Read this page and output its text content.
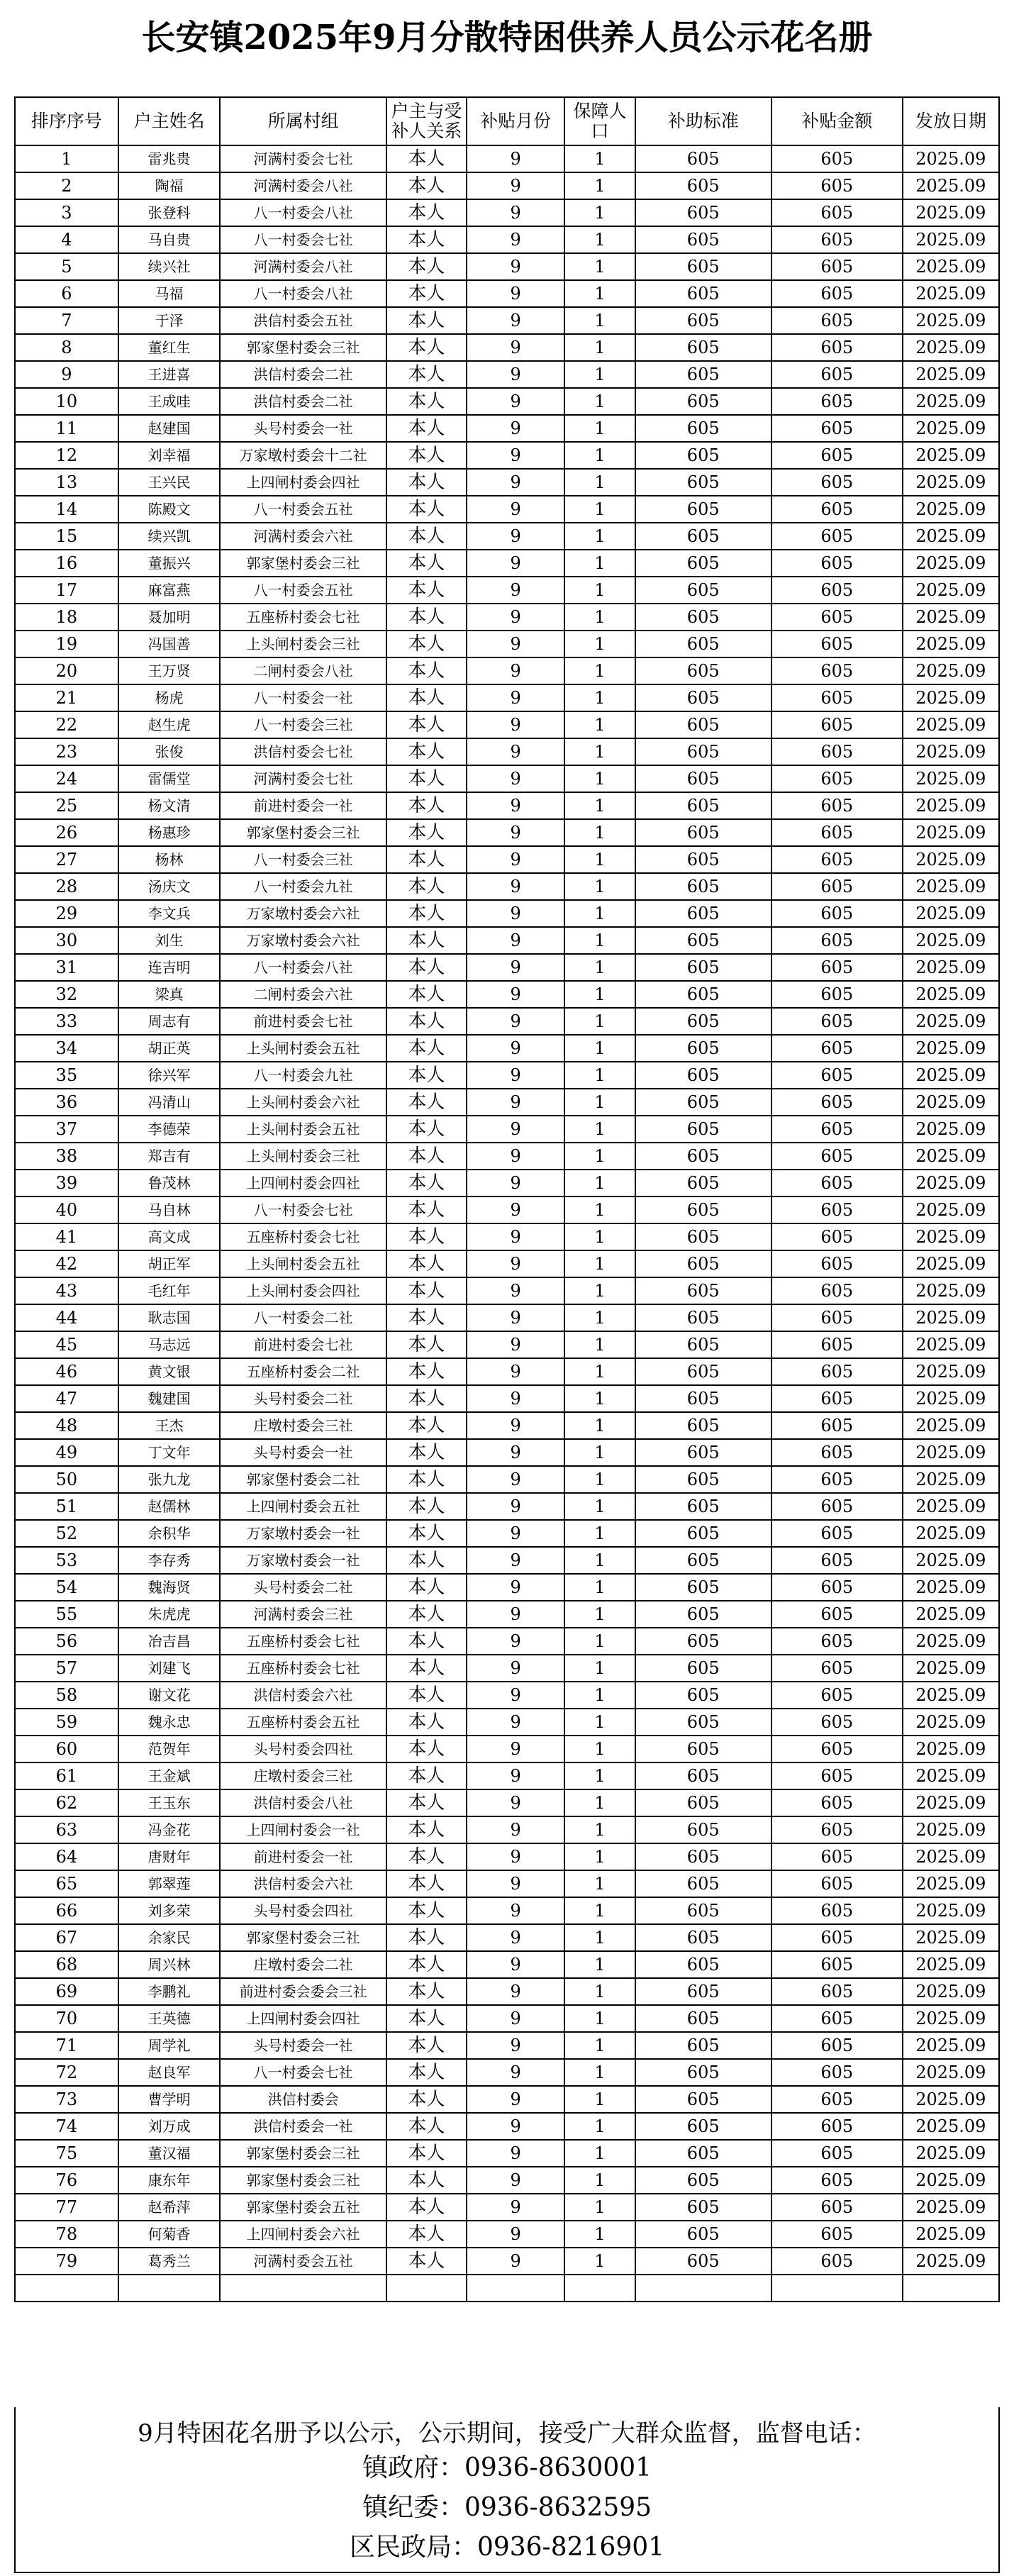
长安镇2025年9月分散特困供养人员公示花名册
排序序号	户主姓名	所属村组	户主与受补人关系	补贴月份	保障人口	补助标准	补贴金额	发放日期
1	雷兆贵	河满村委会七社	本人	9	1	605	605	2025.09
2	陶福	河满村委会八社	本人	9	1	605	605	2025.09
3	张登科	八一村委会八社	本人	9	1	605	605	2025.09
4	马自贵	八一村委会七社	本人	9	1	605	605	2025.09
5	续兴社	河满村委会八社	本人	9	1	605	605	2025.09
6	马福	八一村委会八社	本人	9	1	605	605	2025.09
7	于泽	洪信村委会五社	本人	9	1	605	605	2025.09
8	董红生	郭家堡村委会三社	本人	9	1	605	605	2025.09
9	王进喜	洪信村委会二社	本人	9	1	605	605	2025.09
10	王成哇	洪信村委会二社	本人	9	1	605	605	2025.09
11	赵建国	头号村委会一社	本人	9	1	605	605	2025.09
12	刘幸福	万家墩村委会十二社	本人	9	1	605	605	2025.09
13	王兴民	上四闸村委会四社	本人	9	1	605	605	2025.09
14	陈殿文	八一村委会五社	本人	9	1	605	605	2025.09
15	续兴凯	河满村委会六社	本人	9	1	605	605	2025.09
16	董振兴	郭家堡村委会三社	本人	9	1	605	605	2025.09
17	麻富燕	八一村委会五社	本人	9	1	605	605	2025.09
18	聂加明	五座桥村委会七社	本人	9	1	605	605	2025.09
19	冯国善	上头闸村委会三社	本人	9	1	605	605	2025.09
20	王万贤	二闸村委会八社	本人	9	1	605	605	2025.09
21	杨虎	八一村委会一社	本人	9	1	605	605	2025.09
22	赵生虎	八一村委会三社	本人	9	1	605	605	2025.09
23	张俊	洪信村委会七社	本人	9	1	605	605	2025.09
24	雷儒堂	河满村委会七社	本人	9	1	605	605	2025.09
25	杨文清	前进村委会一社	本人	9	1	605	605	2025.09
26	杨惠珍	郭家堡村委会三社	本人	9	1	605	605	2025.09
27	杨林	八一村委会三社	本人	9	1	605	605	2025.09
28	汤庆文	八一村委会九社	本人	9	1	605	605	2025.09
29	李文兵	万家墩村委会六社	本人	9	1	605	605	2025.09
30	刘生	万家墩村委会六社	本人	9	1	605	605	2025.09
31	连吉明	八一村委会八社	本人	9	1	605	605	2025.09
32	梁真	二闸村委会六社	本人	9	1	605	605	2025.09
33	周志有	前进村委会七社	本人	9	1	605	605	2025.09
34	胡正英	上头闸村委会五社	本人	9	1	605	605	2025.09
35	徐兴军	八一村委会九社	本人	9	1	605	605	2025.09
36	冯清山	上头闸村委会六社	本人	9	1	605	605	2025.09
37	李德荣	上头闸村委会五社	本人	9	1	605	605	2025.09
38	郑吉有	上头闸村委会三社	本人	9	1	605	605	2025.09
39	鲁茂林	上四闸村委会四社	本人	9	1	605	605	2025.09
40	马自林	八一村委会七社	本人	9	1	605	605	2025.09
41	高文成	五座桥村委会七社	本人	9	1	605	605	2025.09
42	胡正军	上头闸村委会五社	本人	9	1	605	605	2025.09
43	毛红年	上头闸村委会四社	本人	9	1	605	605	2025.09
44	耿志国	八一村委会二社	本人	9	1	605	605	2025.09
45	马志远	前进村委会七社	本人	9	1	605	605	2025.09
46	黄文银	五座桥村委会二社	本人	9	1	605	605	2025.09
47	魏建国	头号村委会二社	本人	9	1	605	605	2025.09
48	王杰	庄墩村委会三社	本人	9	1	605	605	2025.09
49	丁文年	头号村委会一社	本人	9	1	605	605	2025.09
50	张九龙	郭家堡村委会二社	本人	9	1	605	605	2025.09
51	赵儒林	上四闸村委会五社	本人	9	1	605	605	2025.09
52	余积华	万家墩村委会一社	本人	9	1	605	605	2025.09
53	李存秀	万家墩村委会一社	本人	9	1	605	605	2025.09
54	魏海贤	头号村委会二社	本人	9	1	605	605	2025.09
55	朱虎虎	河满村委会三社	本人	9	1	605	605	2025.09
56	冶吉昌	五座桥村委会七社	本人	9	1	605	605	2025.09
57	刘建飞	五座桥村委会七社	本人	9	1	605	605	2025.09
58	谢文花	洪信村委会六社	本人	9	1	605	605	2025.09
59	魏永忠	五座桥村委会五社	本人	9	1	605	605	2025.09
60	范贺年	头号村委会四社	本人	9	1	605	605	2025.09
61	王金斌	庄墩村委会三社	本人	9	1	605	605	2025.09
62	王玉东	洪信村委会八社	本人	9	1	605	605	2025.09
63	冯金花	上四闸村委会一社	本人	9	1	605	605	2025.09
64	唐财年	前进村委会一社	本人	9	1	605	605	2025.09
65	郭翠莲	洪信村委会六社	本人	9	1	605	605	2025.09
66	刘多荣	头号村委会四社	本人	9	1	605	605	2025.09
67	余家民	郭家堡村委会三社	本人	9	1	605	605	2025.09
68	周兴林	庄墩村委会二社	本人	9	1	605	605	2025.09
69	李鹏礼	前进村委会委会三社	本人	9	1	605	605	2025.09
70	王英德	上四闸村委会四社	本人	9	1	605	605	2025.09
71	周学礼	头号村委会一社	本人	9	1	605	605	2025.09
72	赵良军	八一村委会七社	本人	9	1	605	605	2025.09
73	曹学明	洪信村委会	本人	9	1	605	605	2025.09
74	刘万成	洪信村委会一社	本人	9	1	605	605	2025.09
75	董汉福	郭家堡村委会三社	本人	9	1	605	605	2025.09
76	康东年	郭家堡村委会三社	本人	9	1	605	605	2025.09
77	赵希萍	郭家堡村委会五社	本人	9	1	605	605	2025.09
78	何菊香	上四闸村委会六社	本人	9	1	605	605	2025.09
79	葛秀兰	河满村委会五社	本人	9	1	605	605	2025.09

9月特困花名册予以公示，公示期间，接受广大群众监督，监督电话：
镇政府：0936-8630001
镇纪委：0936-8632595
区民政局：0936-8216901
